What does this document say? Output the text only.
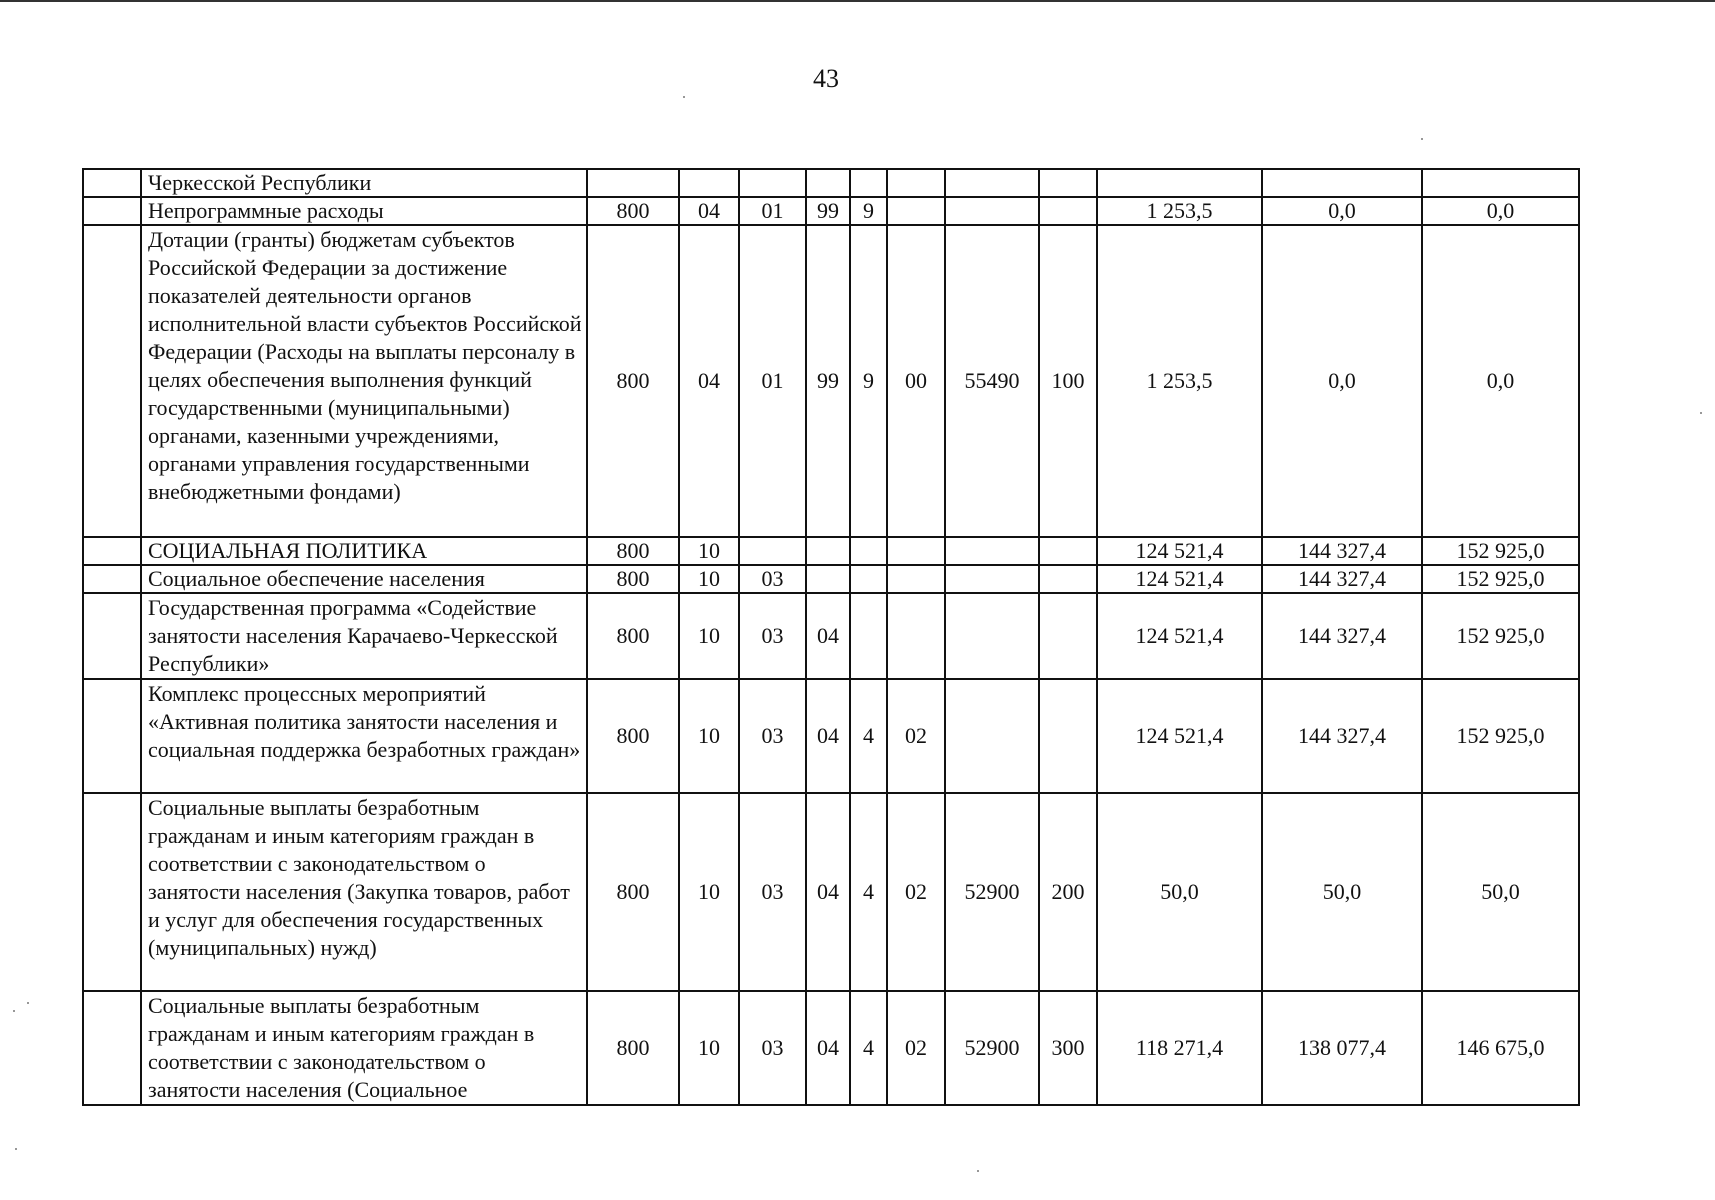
43
	Черкесской Республики											
	Непрограммные расходы	800	04	01	99	9				1 253,5	0,0	0,0
	Дотации (гранты) бюджетам субъектов Российской Федерации за достижение показателей деятельности органов исполнительной власти субъектов Российской Федерации (Расходы на выплаты персоналу в целях обеспечения выполнения функций государственными (муниципальными) органами, казенными учреждениями, органами управления государственными внебюджетными фондами)	800	04	01	99	9	00	55490	100	1 253,5	0,0	0,0
	СОЦИАЛЬНАЯ ПОЛИТИКА	800	10							124 521,4	144 327,4	152 925,0
	Социальное обеспечение населения	800	10	03						124 521,4	144 327,4	152 925,0
	Государственная программа «Содействие занятости населения Карачаево-Черкесской Республики»	800	10	03	04					124 521,4	144 327,4	152 925,0
	Комплекс процессных мероприятий «Активная политика занятости населения и социальная поддержка безработных граждан»	800	10	03	04	4	02			124 521,4	144 327,4	152 925,0
	Социальные выплаты безработным гражданам и иным категориям граждан в соответствии с законодательством о занятости населения (Закупка товаров, работ и услуг для обеспечения государственных (муниципальных) нужд)	800	10	03	04	4	02	52900	200	50,0	50,0	50,0
	Социальные выплаты безработным гражданам и иным категориям граждан в соответствии с законодательством о занятости населения (Социальное	800	10	03	04	4	02	52900	300	118 271,4	138 077,4	146 675,0
